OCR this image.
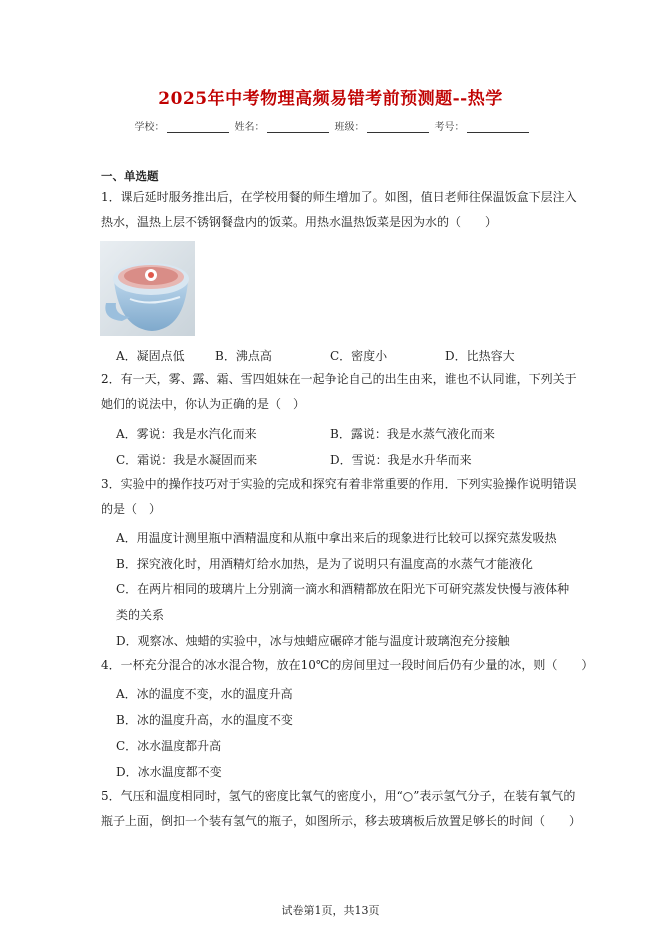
2025年中考物理高频易错考前预测题--热学
学校：	姓名：	班级：	考号：
一、单选题
1．课后延时服务推出后，在学校用餐的师生增加了。如图，值日老师往保温饭盒下层注入
热水，温热上层不锈钢餐盘内的饭菜。用热水温热饭菜是因为水的（　　）
A．凝固点低	B．沸点高	C．密度小	D．比热容大
2．有一天，雾、露、霜、雪四姐妹在一起争论自己的出生由来，谁也不认同谁，下列关于
她们的说法中，你认为正确的是（　）
A．雾说：我是水汽化而来	B．露说：我是水蒸气液化而来
C．霜说：我是水凝固而来	D．雪说：我是水升华而来
3．实验中的操作技巧对于实验的完成和探究有着非常重要的作用．下列实验操作说明错误
的是（　）
A．用温度计测里瓶中酒精温度和从瓶中拿出来后的现象进行比较可以探究蒸发吸热
B．探究液化时，用酒精灯给水加热，是为了说明只有温度高的水蒸气才能液化
C．在两片相同的玻璃片上分别滴一滴水和酒精都放在阳光下可研究蒸发快慢与液体种
类的关系
D．观察冰、烛蜡的实验中，冰与烛蜡应碾碎才能与温度计玻璃泡充分接触
4．一杯充分混合的冰水混合物，放在10℃的房间里过一段时间后仍有少量的冰，则（　　）
A．冰的温度不变，水的温度升高
B．冰的温度升高，水的温度不变
C．冰水温度都升高
D．冰水温度都不变
5．气压和温度相同时，氢气的密度比氧气的密度小，用“○”表示氢气分子，在装有氧气的
瓶子上面，倒扣一个装有氢气的瓶子，如图所示，移去玻璃板后放置足够长的时间（　　）
试卷第1页，共13页
